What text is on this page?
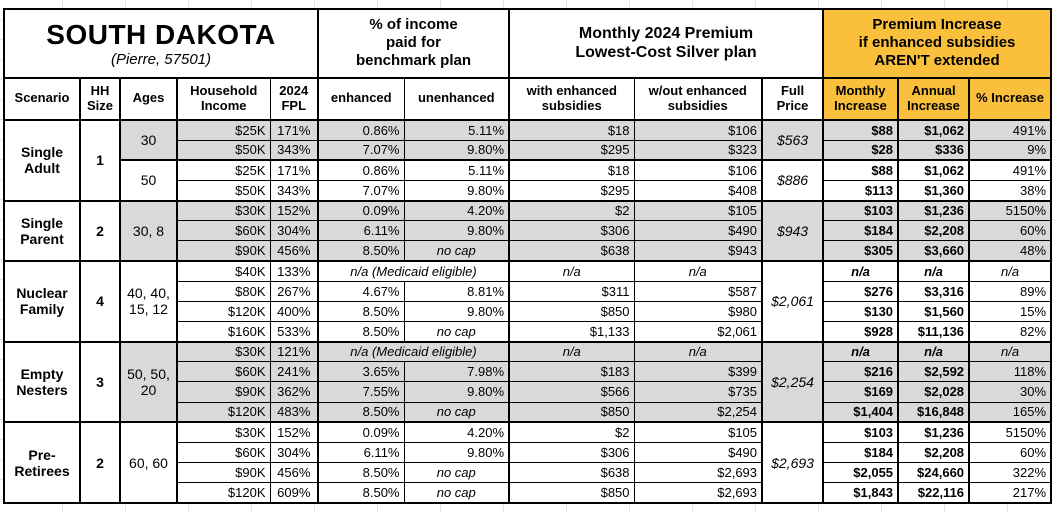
SOUTH DAKOTA
(Pierre, 57501)

% of income
paid for
benchmark plan

Monthly 2024 Premium
Lowest-Cost Silver plan

Premium Increase
if enhanced subsidies
AREN'T extended

Scenario	HH Size	Ages	Household Income	2024 FPL	enhanced	unenhanced	with enhanced subsidies	w/out enhanced subsidies	Full Price	Monthly Increase	Annual Increase	% Increase
Single Adult	1	30	$25K	171%	0.86%	5.11%	$18	$106	$563	$88	$1,062	491%
			$50K	343%	7.07%	9.80%	$295	$323		$28	$336	9%
		50	$25K	171%	0.86%	5.11%	$18	$106	$886	$88	$1,062	491%
			$50K	343%	7.07%	9.80%	$295	$408		$113	$1,360	38%
Single Parent	2	30, 8	$30K	152%	0.09%	4.20%	$2	$105	$943	$103	$1,236	5150%
			$60K	304%	6.11%	9.80%	$306	$490		$184	$2,208	60%
			$90K	456%	8.50%	no cap	$638	$943		$305	$3,660	48%
Nuclear Family	4	40, 40, 15, 12	$40K	133%	n/a (Medicaid eligible)		n/a	n/a	$2,061	n/a	n/a	n/a
			$80K	267%	4.67%	8.81%	$311	$587		$276	$3,316	89%
			$120K	400%	8.50%	9.80%	$850	$980		$130	$1,560	15%
			$160K	533%	8.50%	no cap	$1,133	$2,061		$928	$11,136	82%
Empty Nesters	3	50, 50, 20	$30K	121%	n/a (Medicaid eligible)		n/a	n/a	$2,254	n/a	n/a	n/a
			$60K	241%	3.65%	7.98%	$183	$399		$216	$2,592	118%
			$90K	362%	7.55%	9.80%	$566	$735		$169	$2,028	30%
			$120K	483%	8.50%	no cap	$850	$2,254		$1,404	$16,848	165%
Pre-Retirees	2	60, 60	$30K	152%	0.09%	4.20%	$2	$105	$2,693	$103	$1,236	5150%
			$60K	304%	6.11%	9.80%	$306	$490		$184	$2,208	60%
			$90K	456%	8.50%	no cap	$638	$2,693		$2,055	$24,660	322%
			$120K	609%	8.50%	no cap	$850	$2,693		$1,843	$22,116	217%
